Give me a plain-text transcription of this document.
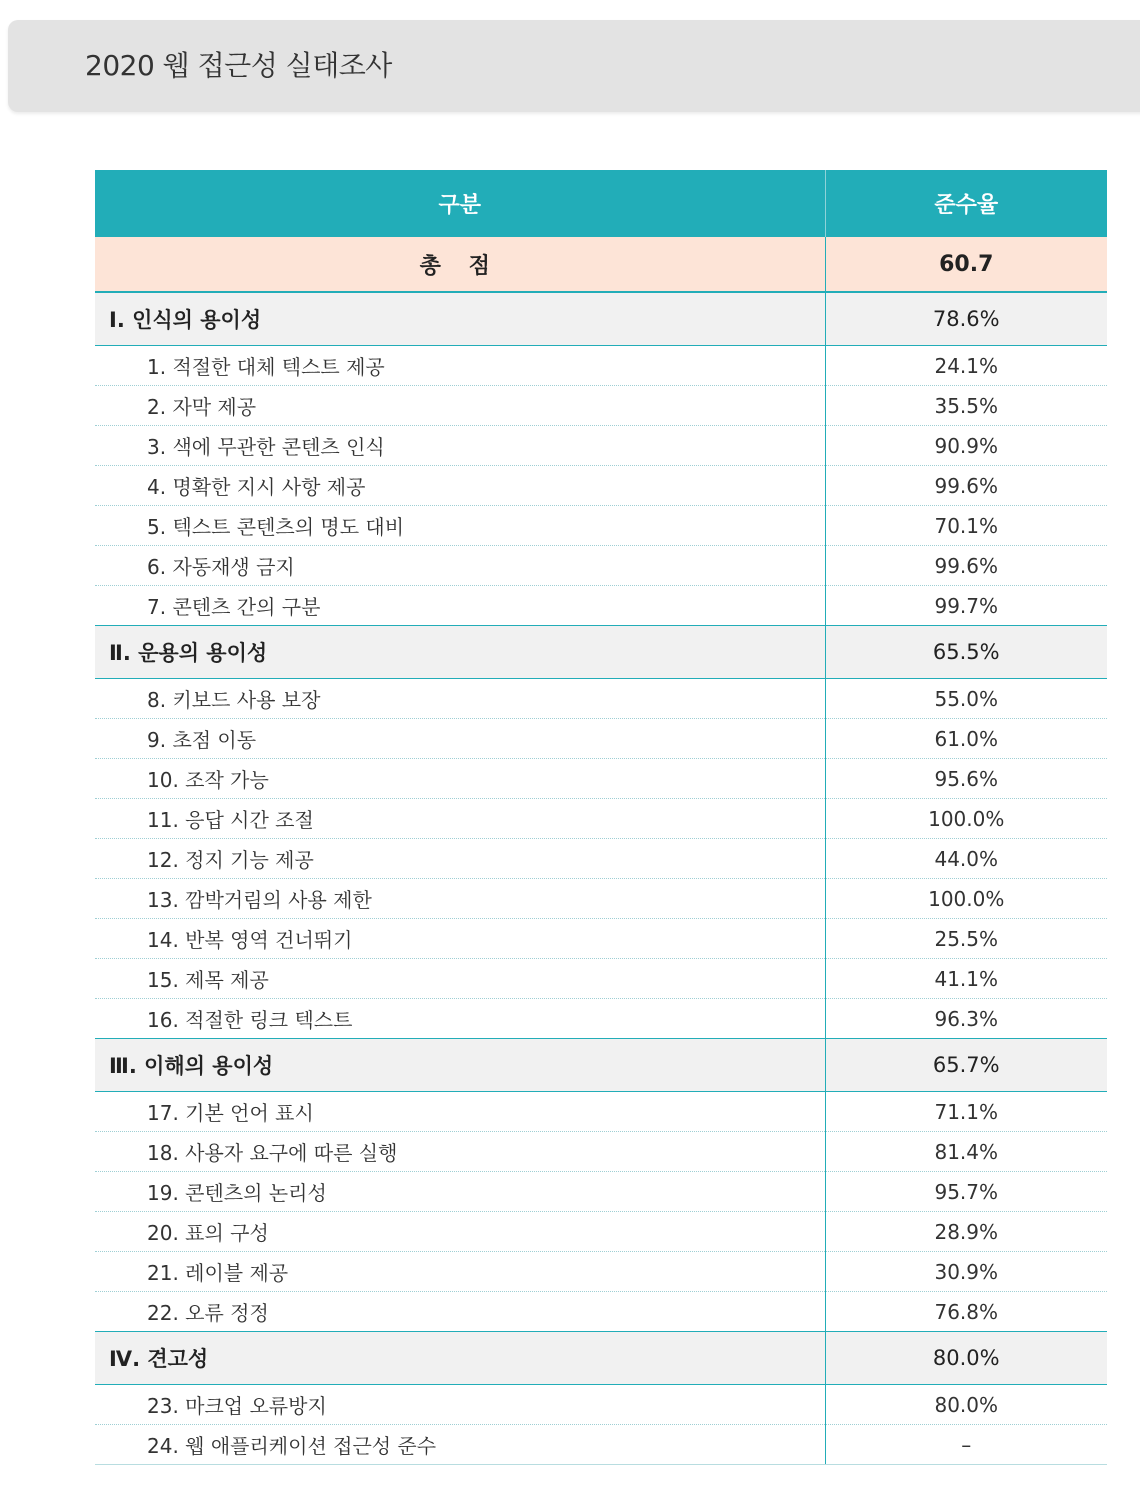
2020 웹 접근성 실태조사
구분	준수율
총 점	60.7
Ⅰ. 인식의 용이성	78.6%
1. 적절한 대체 텍스트 제공	24.1%
2. 자막 제공	35.5%
3. 색에 무관한 콘텐츠 인식	90.9%
4. 명확한 지시 사항 제공	99.6%
5. 텍스트 콘텐츠의 명도 대비	70.1%
6. 자동재생 금지	99.6%
7. 콘텐츠 간의 구분	99.7%
Ⅱ. 운용의 용이성	65.5%
8. 키보드 사용 보장	55.0%
9. 초점 이동	61.0%
10. 조작 가능	95.6%
11. 응답 시간 조절	100.0%
12. 정지 기능 제공	44.0%
13. 깜박거림의 사용 제한	100.0%
14. 반복 영역 건너뛰기	25.5%
15. 제목 제공	41.1%
16. 적절한 링크 텍스트	96.3%
Ⅲ. 이해의 용이성	65.7%
17. 기본 언어 표시	71.1%
18. 사용자 요구에 따른 실행	81.4%
19. 콘텐츠의 논리성	95.7%
20. 표의 구성	28.9%
21. 레이블 제공	30.9%
22. 오류 정정	76.8%
Ⅳ. 견고성	80.0%
23. 마크업 오류방지	80.0%
24. 웹 애플리케이션 접근성 준수	–
